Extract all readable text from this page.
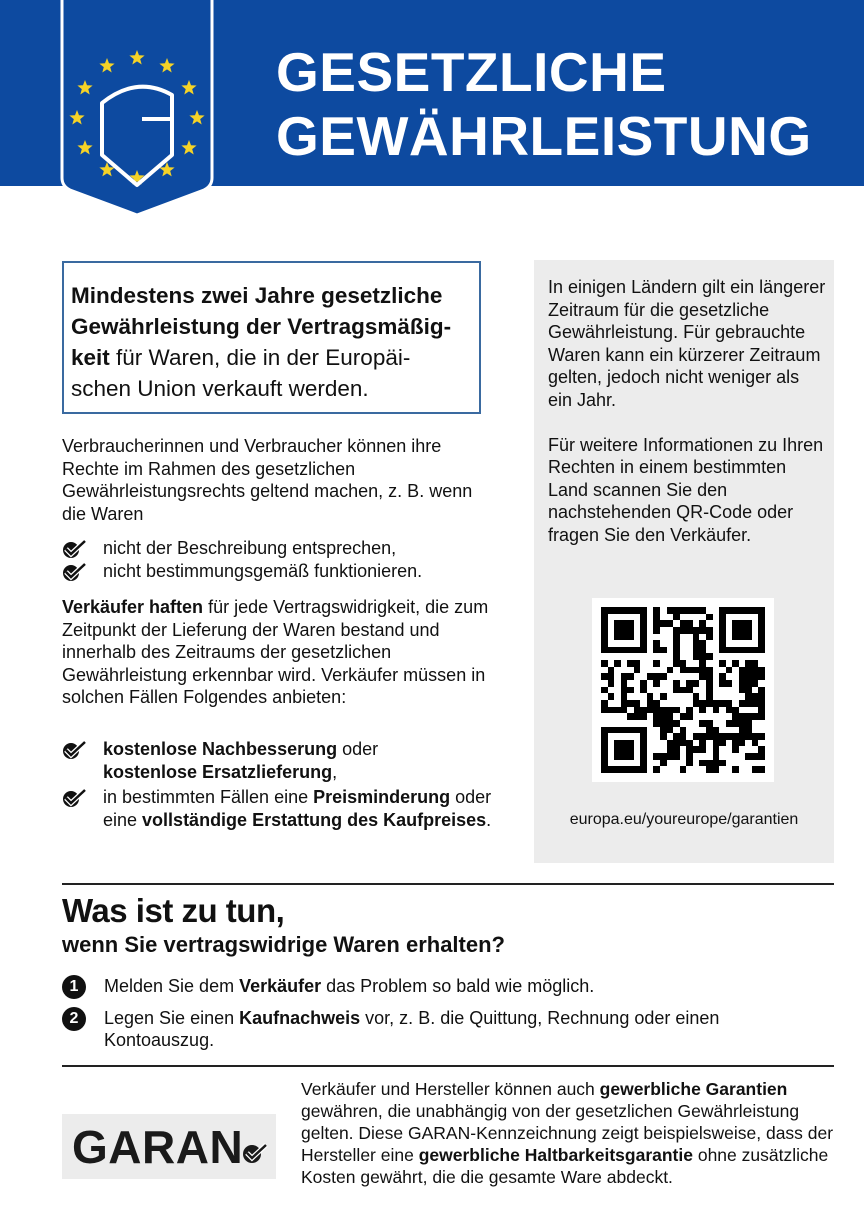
GESETZLICHE
GEWÄHRLEISTUNG
Mindestens zwei Jahre gesetzliche
Gewährleistung der Vertragsmäßig-
keit für Waren, die in der Europäi-
schen Union verkauft werden.
Verbraucherinnen und Verbraucher können ihre Rechte im Rahmen des gesetzlichen Gewährleistungsrechts geltend machen, z. B. wenn die Waren
nicht der Beschreibung entsprechen,
nicht bestimmungsgemäß funktionieren.
Verkäufer haften für jede Vertragswidrigkeit, die zum Zeitpunkt der Lieferung der Waren bestand und innerhalb des Zeitraums der gesetzlichen Gewährleistung erkennbar wird. Verkäufer müssen in solchen Fällen Folgendes anbieten:
kostenlose Nachbesserung oder
kostenlose Ersatzlieferung,
in bestimmten Fällen eine Preisminderung oder eine vollständige Erstattung des Kaufpreises.

In einigen Ländern gilt ein längerer Zeitraum für die gesetzliche Gewährleistung. Für gebrauchte Waren kann ein kürzerer Zeitraum gelten, jedoch nicht weniger als ein Jahr.

Für weitere Informationen zu Ihren Rechten in einem bestimmten Land scannen Sie den nachstehenden QR-Code oder fragen Sie den Verkäufer.

europa.eu/youreurope/garantien
Was ist zu tun,
wenn Sie vertragswidrige Waren erhalten?
1	Melden Sie dem Verkäufer das Problem so bald wie möglich.
2	Legen Sie einen Kaufnachweis vor, z. B. die Quittung, Rechnung oder einen Kontoauszug.
GARAN
Verkäufer und Hersteller können auch gewerbliche Garantien gewähren, die unabhängig von der gesetzlichen Gewährleistung gelten. Diese GARAN-Kennzeichnung zeigt beispielsweise, dass der Hersteller eine gewerbliche Haltbarkeitsgarantie ohne zusätzliche Kosten gewährt, die die gesamte Ware abdeckt.
